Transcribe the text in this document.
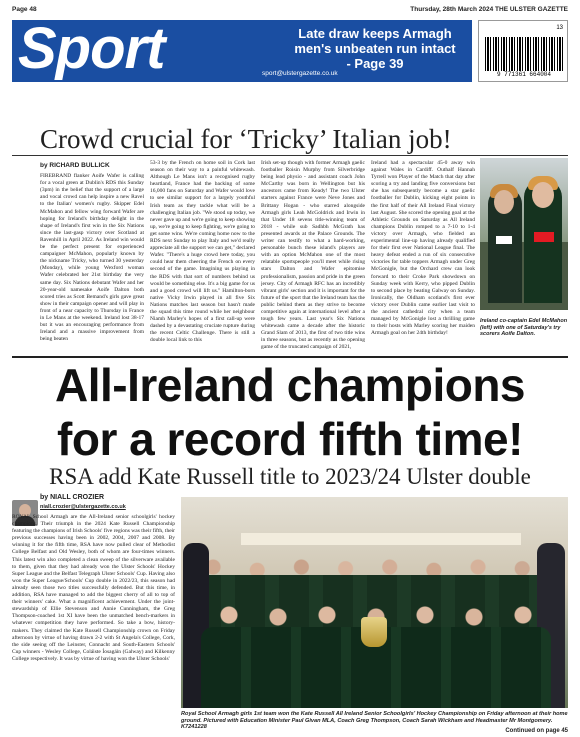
Page 48	Thursday, 28th March 2024 THE ULSTER GAZETTE
Sport	Late draw keeps Armagh
men's unbeaten run intact
- Page 39
sport@ulstergazette.co.uk
13
9 771361 664004
Crowd crucial for ‘Tricky’ Italian job!
by RICHARD BULLICK

FIREBRAND flanker Aoife Wafer is calling for a vocal green at Dublin's RDS this Sunday (3pm) in the belief that the support of a large and vocal crowd can help inspire a new Ravel to the Italian' women's rugby. Skipper Edel McMahon and fellow wing forward Wafer are hoping for Ireland's birthday delight in the shape of Ireland's first win in the Six Nations since the last-gasp victory over Scotland at Ravenhill in April 2022. As Ireland win would be the perfect present for experienced campaigner McMahon, popularly known by the nickname Tricky, who turned 30 yesterday (Monday), while young Wexford woman Wafer celebrated her 21st birthday the very same day. Six Nations debutant Wafer and her 20-year-old namesake Aoife Dalton both scored tries as Scott Bemand's girls gave great show in their campaign opener and will play in front of a near capacity to Thursday in France in Le Mans at the weekend. Ireland lost 38-17 but it was an encouraging performance from Ireland and a massive improvement from being beaten

53-3 by the French on home soil in Cork last season on their way to a painful whitewash. Although Le Mans isn't a recognised rugby heartland, France had the backing of some 16,000 fans on Saturday and Wafer would love to see similar support for a largely youthful Irish team as they tackle what will be a challenging Italian job. "We stood up today, we never gave up and we're going to keep showing up, we're going to keep fighting, we're going to get some wins. We're coming home now to the RDS next Sunday to play Italy and we'd really appreciate all the support we can get," declared Wafer. "There's a huge crowd here today, you could hear them cheering the French on every second of the game. Imagining us playing in the RDS with that sort of numbers behind us would be something else. It's a big game for us and a good crowd will lift us." Hamilton-born native Vicky Irwin played in all five Six Nations matches last season but hasn't made the squad this time round while her neighbour Niamh Marley's hopes of a first call-up were dashed by a devastating cruciate rupture during the recent Celtic Challenge. There is still a double local link to this

Irish set-up though with former Armagh gaelic footballer Roisin Murphy from Silverbridge being lead physio - and assistant coach John McCarthy was born in Wellington but his ancestors came from Keady! The two Ulster starters against France were Neve Jones and Brittany Hogan - who starred alongside Armagh girls Leah McGoldrick and Irwin in that Under 18 sevens title-winning team of 2018 - while sub Sadhbh McGrath has presented awards at the Palace Grounds. The writer can testify to what a hard-working, personable bunch these island's players are with an option McMahon one of the most relatable sportspeople you'll meet while rising stars Dalton and Wafer epitomise professionalism, passion and pride in the green jersey. City of Armagh RFC has an incredibly vibrant girls' section and it is important for the future of the sport that the Ireland team has the public behind them as they strive to become competitive again at international level after a tough few years. Last year's Six Nations whitewash came a decade after the historic Grand Slam of 2013, the first of two title wins in three seasons, but as recently as the opening game of the truncated campaign of 2021,

Ireland had a spectacular 45-0 away win against Wales in Cardiff. Outhalf Hannah Tyrrell won Player of the Match that day after scoring a try and landing five conversions but she has subsequently become a star gaelic footballer for Dublin, kicking eight points in the first half of their All Ireland Final victory last August. She scored the opening goal at the Athletic Grounds on Saturday as All Ireland champions Dublin romped to a 7-10 to 1-4 victory over Armagh, who fielded an experimental line-up having already qualified for their first ever National League final. The heavy defeat ended a run of six consecutive victories for table toppers Armagh under Greg McGonigle, but the Orchard crew can look forward to their Croke Park showdown on Sunday week with Kerry, who pipped Dublin to second place by beating Galway on Sunday. Ironically, the Oldham scotland's first ever victory over Dublin came earlier last visit to the ancient cathedral city when a team managed by McGonigle lost a thrilling game to their hosts with Marley scoring her maiden Armagh goal on her 24th birthday!

Ireland co-captain Edel McMahon (left) with one of Saturday's try scorers Aoife Dalton.
All-Ireland champions
for a record fifth time!
RSA add Kate Russell title to 2023/24 Ulster double
by NIALL CROZIER
niall.crozier@ulstergazette.co.uk

ROYAL School Armagh are the All-Ireland senior schoolgirls' hockey champions. Their triumph in the 2024 Kate Russell Championship featuring the champions of Irish Schools' five regions was their fifth, their previous successes having been in 2002, 2004, 2007 and 2008. By winning it for the fifth time, RSA have now pulled clear of Methodist College Belfast and Old Wesley, both of whom are four-times winners. This latest win also completed a clean sweep of the silverware available to them, given that they had already won the Ulster Schools' Hockey Super League and the Belfast Telegraph Ulster Schools' Cup. Having also won the Super League/Schools' Cup double in 2022/23, this season had already seen those two titles successfully defended. But this time, in addition, RSA have managed to add the biggest cherry of all to top of their winners' cake. What a magnificent achievement. Under the joint-stewardship of Ellie Stevenson and Annie Cunningham, the Greg Thompson-coached 1st XI have been the unmatched bench-markers in whatever competition they have performed. So take a bow, history-makers. They claimed the Kate Russell Championship crown on Friday afternoon by virtue of having drawn 2-2 with St Angela's College, Cork, the side seeing off the Leinster, Connacht and South-Eastern Schools' Cup winners - Wesley College, Coláiste Íosagáin (Galway) and Kilkenny College respectively. It was by virtue of having won the Ulster Schools'

Royal School Armagh girls 1st team won the Kate Russell All Ireland Senior Schoolgirls' Hockey Championship on Friday afternoon at their home ground. Pictured with Education Minister Paul Givan MLA, Coach Greg Thompson, Coach Sarah Wickham and Headmaster Mr Montgomery. K7241228
Continued on page 45
